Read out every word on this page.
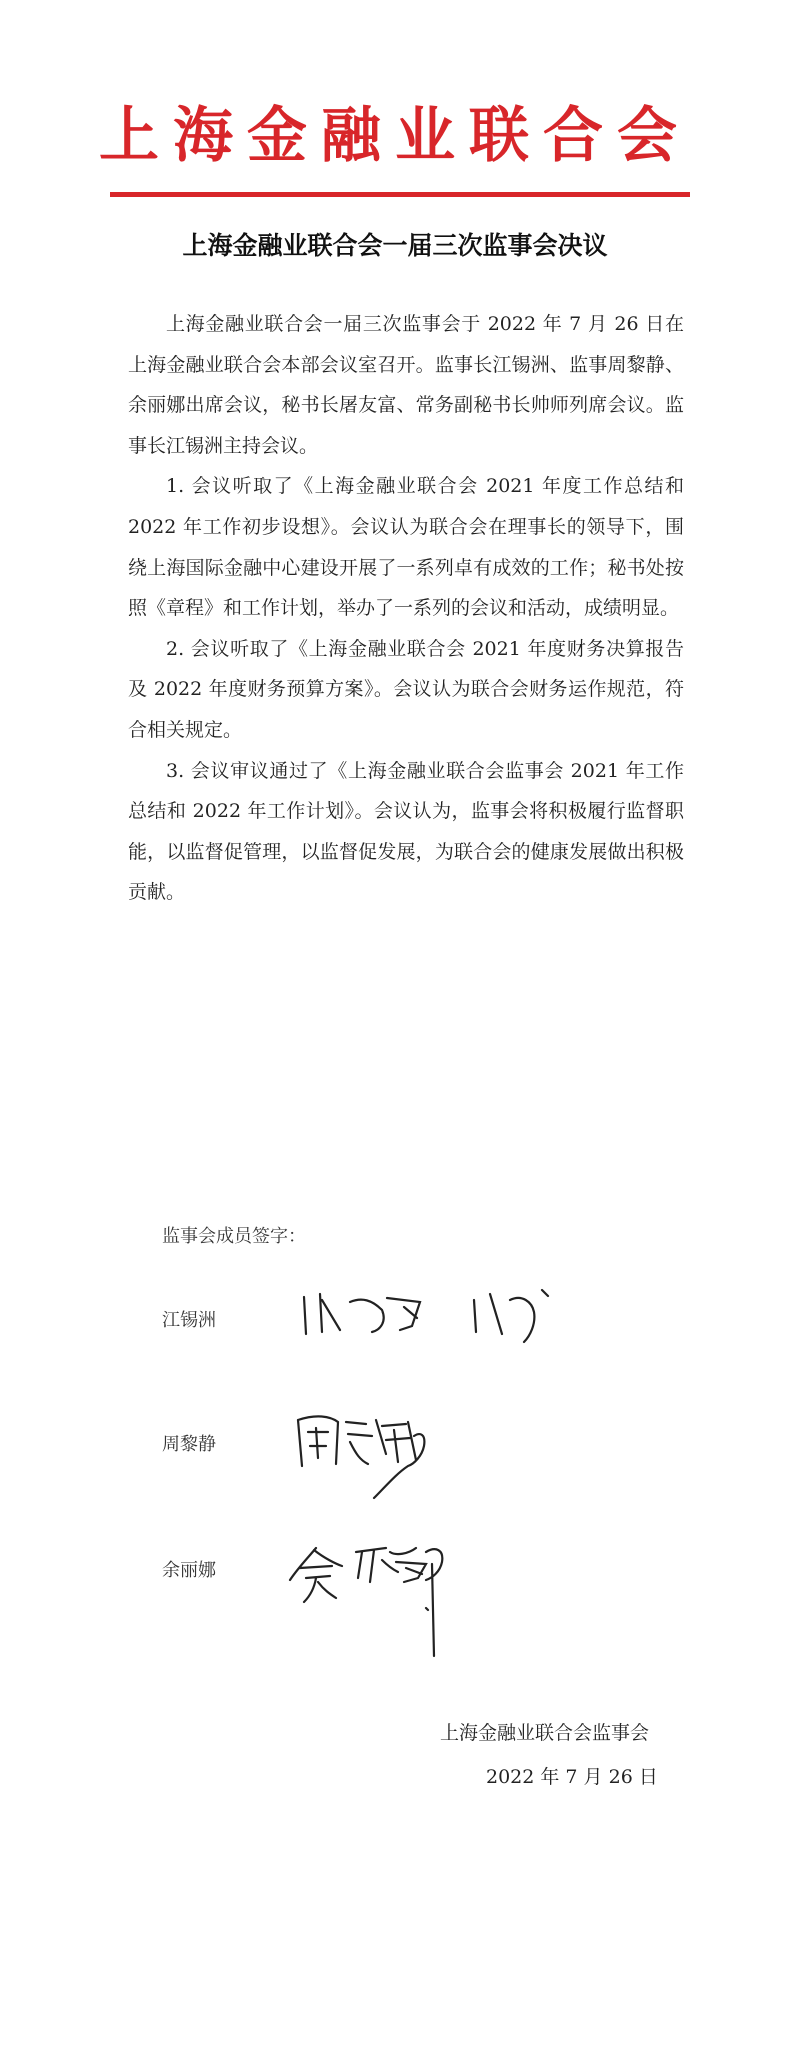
上海金融业联合会
上海金融业联合会一届三次监事会决议

上海金融业联合会一届三次监事会于 2022 年 7 月 26 日在上海金融业联合会本部会议室召开。监事长江锡洲、监事周黎静、余丽娜出席会议，秘书长屠友富、常务副秘书长帅师列席会议。监事长江锡洲主持会议。

1. 会议听取了《上海金融业联合会 2021 年度工作总结和 2022 年工作初步设想》。会议认为联合会在理事长的领导下，围绕上海国际金融中心建设开展了一系列卓有成效的工作；秘书处按照《章程》和工作计划，举办了一系列的会议和活动，成绩明显。

2. 会议听取了《上海金融业联合会 2021 年度财务决算报告及 2022 年度财务预算方案》。会议认为联合会财务运作规范，符合相关规定。

3. 会议审议通过了《上海金融业联合会监事会 2021 年工作总结和 2022 年工作计划》。会议认为，监事会将积极履行监督职能，以监督促管理，以监督促发展，为联合会的健康发展做出积极贡献。

监事会成员签字：
江锡洲
周黎静
余丽娜
上海金融业联合会监事会
2022 年 7 月 26 日
